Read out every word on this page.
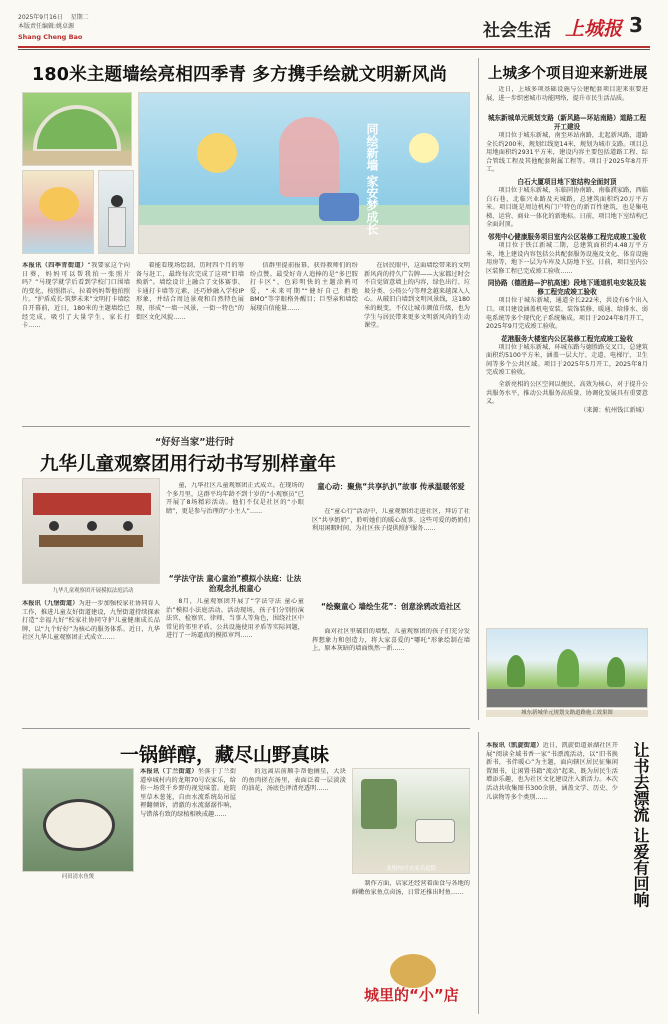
2025年9月16日 星期二
本版责任编辑:姚卓源
Shang Cheng Bao	社会生活 上城报 3
180米主题墙绘亮相四季青 多方携手绘就文明新风尚
同绘新墙 家安梦成长
本报讯（四季青街道）“我要家这个向日葵，妈妈可以帮我拍一张照片吗？”马现学就学后看到学校门口围墙的变化，按照指示，拉着妈妈帮他拍照片。“护盾成长·筑梦未来”文明打卡墙绘自开幕前，近日，180米的主题墙绘已经完成，吸引了大量学生、家长打卡……
着能看现场绘制，历时四个月的筹备与赶工，最终每次完成了这项“旧墙焕新”。墙绘设计上融合了文体赛事、卡通打卡墙等元素，还巧妙融入学校IP形象，并结合周边景观和自然特色展现，形成“一墙一风景，一街一特色”的街区文化风貌……
信群里提前报幕，获得教师们的纷纷点赞。最受好奇人追捧的是“多巴胺打卡区”，色彩明快的主题涂鸦可爱，“未来可期”“健好自己 拒绝BMO”等字眼格外醒目；巨型亲和墙绘展现自信能量……
在居民眼中，这面墙绘带来的文明新风尚的持久广告牌——大家都过时会不自觉留意墙上的内容，绿色出行、垃圾分类、公筷公勺等理念越来越深入人心。从破旧白墙到文明风景线，这180米的蜕变，不仅让城市颜值升级，也为学生与居民带来更多文明新风尚的生动课堂。
“好好当家”进行时
九华儿童观察团用行动书写别样童年
九华儿童观察团开展模拟法庭活动
本报讯（九堡街道）为进一步加强校家社协同育人工作，推进儿童友好街道建设，九堡街道持续探索打造“幸福九好”校家社协同守护儿童健康成长品牌，以“九个好好”为核心的服务体系。近日，九华社区九华儿童观察团正式成立……
童，九华社区儿童观察团正式成立。在现场的个多月里，这群平均年龄不到十岁的“小观察员”已开展了8场精彩活动。他们不仅是社区的“小眼睛”，更是参与治理的“小主人”……
“学法守法 童心童治”模拟小法庭：让法治观念扎根童心
8月，儿童观察团开展了“学法守法 童心童治”模拟小法庭活动。活动现场，孩子们分别扮演法官、检察官、律师、当事人等角色，围绕社区中常见的邻里矛盾、公共设施使用矛盾等实际问题，进行了一场逼真的模拟审判……
童心动：聚焦“共享扒扒”故事 传承温暖邻爱
在“童心行”活动中，儿童观察团走进社区，拜访了社区“共享奶奶”，聆听她们的暖心故事。这些可爱的奶奶们利用闲暇时间，为社区孩子提供照护服务……
“绘聚童心 墙绘生花”：创意涂鸦改造社区
面对社区里破旧的墙壁，儿童观察团的孩子们充分发挥想象力和创造力，将大家喜爱的“哪吒”形象绘制在墙上，原本灰暗的墙面焕然一新……
上城多个项目迎来新进展
近日，上城多项基础设施与公建配套项目迎来重要进展，进一步织密城市功能网络，提升市民生活品质。
城东新城单元规划支路（新风路—环站南路）道路工程开工建设
项目位于城东新城，南至环站南路，北起新风路，道路全长约200米，规划红线宽14米，规划为城市支路。项目总用地面积约2931平方米，建设内容主要包括道路工程、综合管线工程及其他配套附属工程等。项目于2025年8月开工。
白石大厦项目地下室结构全面封顶
项目位于城东新城，东临同协南路、南临濮家路，西临白石巷，北临兴业路及天城路，总建筑面积约20万平方米。项目既是周边机构门户特色的新百性建筑，也是集电梯、运营、商业一体化的新地标。日前，项目地下室结构已全面封顶。
邻苑中心健康服务项目室内公区装修工程完成竣工验收
项目位于铁江新城二期，总建筑面积约4.48万平方米，地上建设内容包括公共配套服务设施及文化、体育设施用房等，地下一层为车库及人防地下室。日前，项目室内公区装修工程已完成竣工验收……
同协路（德胜路—沪杭高速）段地下通道机电安装及装修工程完成竣工验收
项目位于城东新城，通道全长222米，共设有6个出入口。项目建设涵盖机电安装、装饰装修、暖通、给排水、弱电系统等多个现代化子系统集成。项目于2024年8月开工，2025年9月完成竣工验收。
花港服务大楼室内公区装修工程完成竣工验收
项目位于城东新城，环城东路与德胜路交叉口，总建筑面积约5100平方米，涵盖一层大厅、走道、电梯厅、卫生间等多个公共区域。项目于2025年5月开工，2025年8月完成竣工验收。
全新亮相的公区空间以便民、高效为核心，对于提升公共服务水平，推动公共服务高质量、协调化发展具有重要意义。
（来源：杭州钱江新城）
城东新城单元规划支路道路施工效果图
一锅鲜醇，藏尽山野真味
问田清水鱼煲
本报讯（丁兰街道）坐落于丁兰街道皋城村内的龙翔70号农家乐，给你一场赏千乡野的视觉味蕾。庭院里草木葱茏，自由水流系统岛吊屋裡翻倾诉，清澈的水流潺潺作响，与错落有致的绿植相映成趣……
的远离店前顺手帮他摘星，大块的鱼肉搓在汤里，表面泛着一层淡淡的油花，汤底色泽清亮透明……
龙翔70号农家乐庭院
制作方面，店家还经营着面食与各地的鲜嫩鱼家鱼点卤汤，日常还推出时鱼……
城里的“小”店
本报讯（凯旋街道）近日，凯旋街道景湖社区开展“阅读全域书香一家”书漂流活动，以“旧书换新书，书伴暖心”为主题，面向辖区居民征集闲置图书，让闲置书籍“流动”起来，既为居民生活增添乐趣，也为社区文化建设注入新活力。本次活动共收集图书300余册，涵盖文学、历史、少儿读物等多个类别……	让书去漂流 让爱有回响
